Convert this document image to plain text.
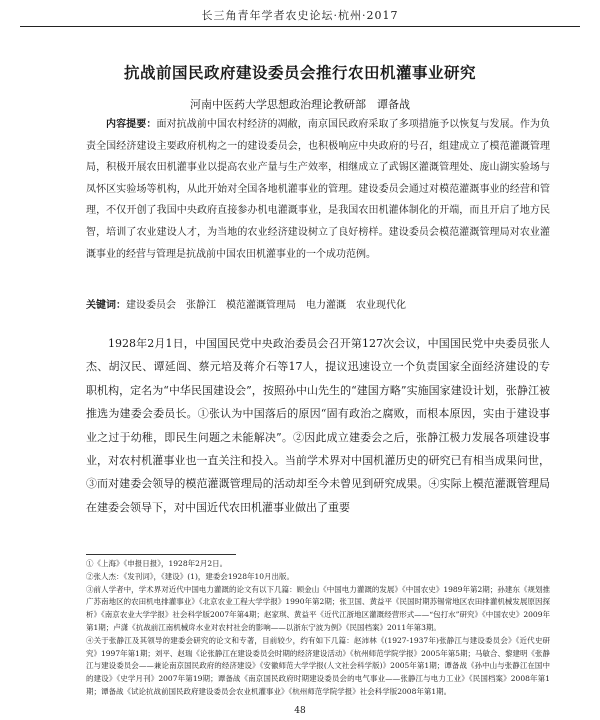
长三角青年学者农史论坛·杭州·2017
抗战前国民政府建设委员会推行农田机灌事业研究
河南中医药大学思想政治理论教研部　谭备战
内容提要：面对抗战前中国农村经济的凋敝，南京国民政府采取了多项措施予以恢复与发展。作为负责全国经济建设主要政府机构之一的建设委员会，也积极响应中央政府的号召，组建成立了模范灌溉管理局，积极开展农田机灌事业以提高农业产量与生产效率，相继成立了武锡区灌溉管理处、庞山湖实验场与凤怀区实验场等机构，从此开始对全国各地机灌事业的管理。建设委员会通过对模范灌溉事业的经营和管理，不仅开创了我国中央政府直接参办机电灌溉事业，是我国农田机灌体制化的开端，而且开启了地方民智，培训了农业建设人才，为当地的农业经济建设树立了良好榜样。建设委员会模范灌溉管理局对农业灌溉事业的经营与管理是抗战前中国农田机灌事业的一个成功范例。
关键词：建设委员会　张静江　模范灌溉管理局　电力灌溉　农业现代化
1928年2月1日，中国国民党中央政治委员会召开第127次会议，中国国民党中央委员张人杰、胡汉民、谭延闿、蔡元培及蒋介石等17人，提议迅速设立一个负责国家全面经济建设的专职机构，定名为“中华民国建设会”，按照孙中山先生的“建国方略”实施国家建设计划，张静江被推选为建委会委员长。①张认为中国落后的原因“固有政治之腐败，而根本原因，实由于建设事业之过于幼稚，即民生问题之未能解决”。②因此成立建委会之后，张静江极力发展各项建设事业，对农村机灌事业也一直关注和投入。当前学术界对中国机灌历史的研究已有相当成果问世，③而对建委会领导的模范灌溉管理局的活动却至今未曾见到研究成果。④实际上模范灌溉管理局在建委会领导下，对中国近代农田机灌事业做出了重要

①《上海》《申报日报》，1928年2月2日。

②张人杰：《发刊词》，《建设》(1)，建委会1928年10月出版。

③前人学者中，学术界对近代中国电力灌溉的论文有以下几篇：顾金山《中国电力灌溉的发展》《中国农史》1989年第2期；孙建东《规划推广苏南地区的农田机电排灌事业》《北京农业工程大学学报》1990年第2期；张卫国、黄益平《民国时期苏锡常地区农田排灌机械发展原因探析》《南京农业大学学报》社会科学版2007年第4期；赵家琪、黄益平《近代江浙地区灌溉经营形式——“包打水”研究》《中国农史》2009年第1期；卢潇《抗战前江南机械戽水业对农村社会的影响——以浙东宁波为例》《民国档案》2011年第3期。

④关于张静江及其领导的建委会研究的论文和专著，目前较少，约有如下几篇：赵沛林《(1927-1937年)张静江与建设委员会》《近代史研究》1997年第1期；刘平、赵瑞《论张静江在建设委员会时期的经济建设活动》《杭州师范学院学报》2005年第5期；马敏合、黎建明《张静江与建设委员会——兼论南京国民政府的经济建设》《安徽师范大学学报(人文社会科学版)》2005年第1期；谭备战《孙中山与张静江在国中的建设》《史学月刊》2007年第19期；谭备战《南京国民政府时期建设委员会的电气事业——张静江与电力工业》《民国档案》2008年第1期；谭备战《试论抗战前国民政府建设委员会农业机灌事业》《杭州师范学院学报》社会科学版2008年第1期。

48
